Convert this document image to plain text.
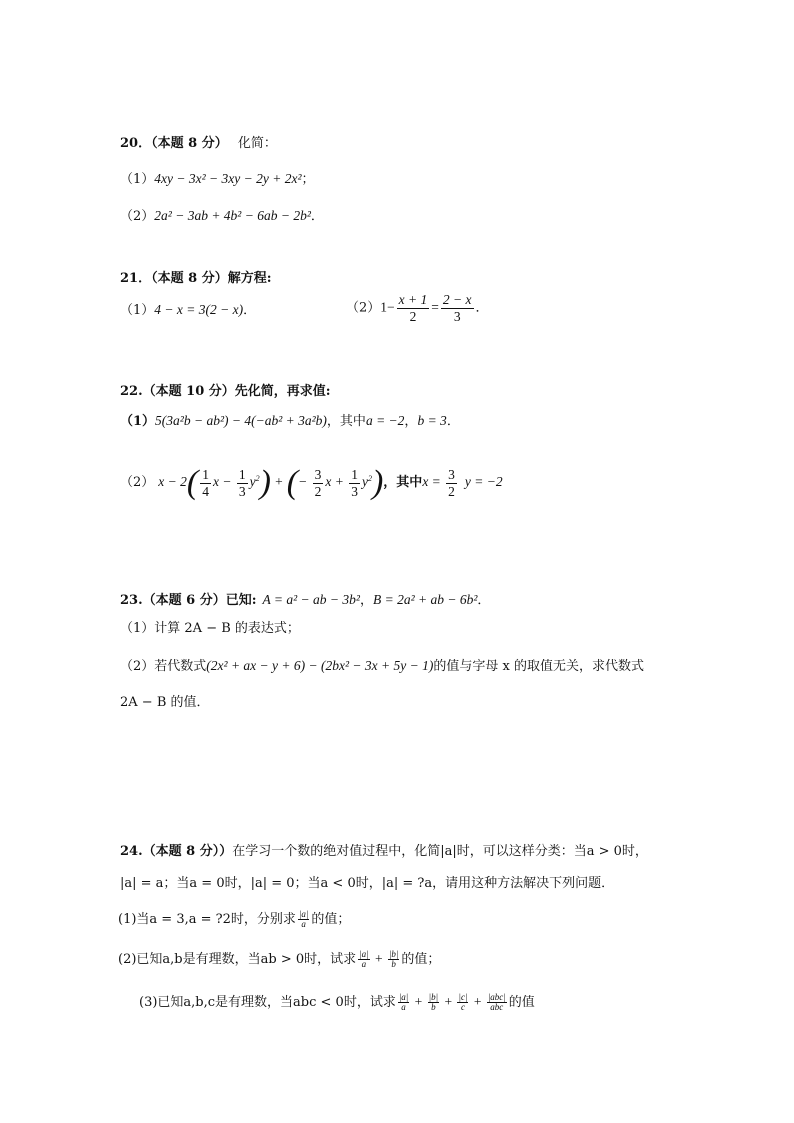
20．（本题 8 分） 化简：
（1）4xy − 3x² − 3xy − 2y + 2x²；
（2）2a² − 3ab + 4b² − 6ab − 2b²．
21．（本题 8 分）解方程:
（1）4 − x = 3(2 − x)．	$(2)1- \frac{x + 1}{2} = \frac{2 - x}{3}$ ．
22.（本题 10 分）先化简，再求值:
（1）5(3a²b − ab²) − 4(−ab² + 3a²b)，其中a = −2，b = 3．
（2） $x - 2( \frac{1}{4}$ $x - \frac{1}{3} y^2$) + (− $\frac{3}{2}$ $x + \frac{1}{3} y^2$)，其中$x = \frac{3}{2}$ y = −2
23.（本题 6 分）已知: A = a² − ab − 3b²，B = 2a² + ab − 6b²．
（1）计算 2A − B 的表达式；
（2）若代数式(2x² + ax − y + 6) − (2bx² − 3x + 5y − 1)的值与字母 x 的取值无关，求代数式
2A − B 的值．
24.（本题 8 分））在学习一个数的绝对值过程中，化简|a|时，可以这样分类：当a > 0时，
|a| = a；当a = 0时，|a| = 0；当a < 0时，|a| = ?a，请用这种方法解决下列问题．
(1)当a = 3,a = ?2时，分别求 $\frac{|a|}{a}$ 的值；
(2)已知a,b是有理数，当ab > 0时，试求 $\frac{|a|}{a} + \frac{|b|}{b}$ 的值；
(3)已知a,b,c是有理数，当abc < 0时，试求 $\frac{|a|}{a} + \frac{|b|}{b} + \frac{|c|}{c} + \frac{\text{|abc|}}{\text{abc}}$ 的值
